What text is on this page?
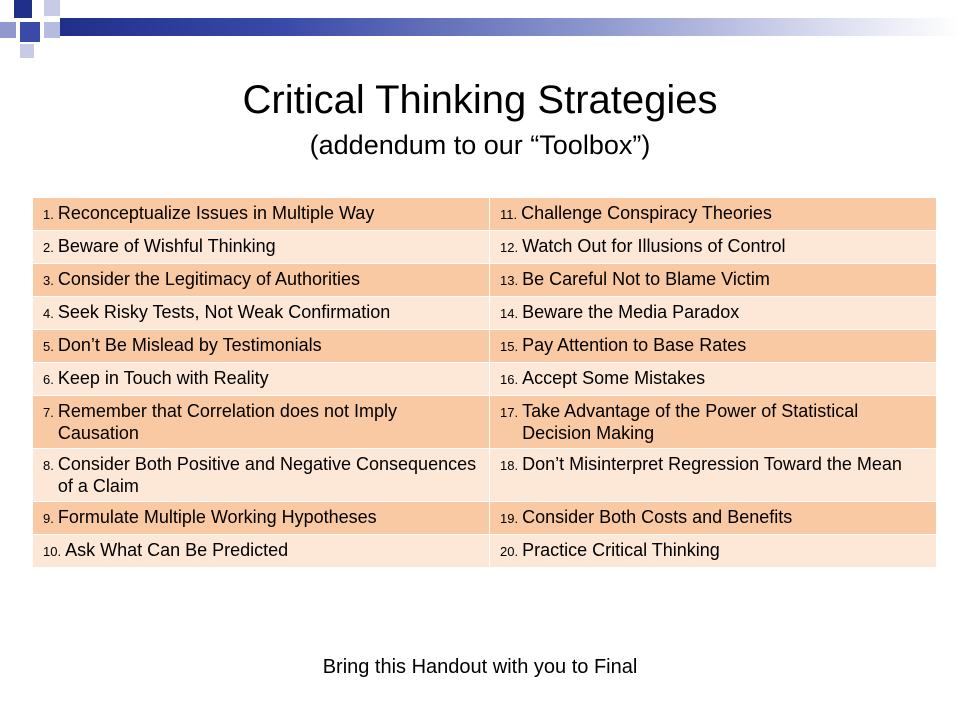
Critical Thinking Strategies
(addendum to our “Toolbox”)
1. Reconceptualize Issues in Multiple Way	11. Challenge Conspiracy Theories

2. Beware of Wishful Thinking	12. Watch Out for Illusions of Control

3. Consider the Legitimacy of Authorities	13. Be Careful Not to Blame Victim

4. Seek Risky Tests, Not Weak Confirmation	14. Beware the Media Paradox

5. Don’t Be Mislead by Testimonials	15. Pay Attention to Base Rates

6. Keep in Touch with Reality	16. Accept Some Mistakes

7. Remember that Correlation does not Imply Causation	17. Take Advantage of the Power of Statistical Decision Making

8. Consider Both Positive and Negative Consequences of a Claim	18. Don’t Misinterpret Regression Toward the Mean

9. Formulate Multiple Working Hypotheses	19. Consider Both Costs and Benefits

10. Ask What Can Be Predicted	20. Practice Critical Thinking
Bring this Handout with you to Final
